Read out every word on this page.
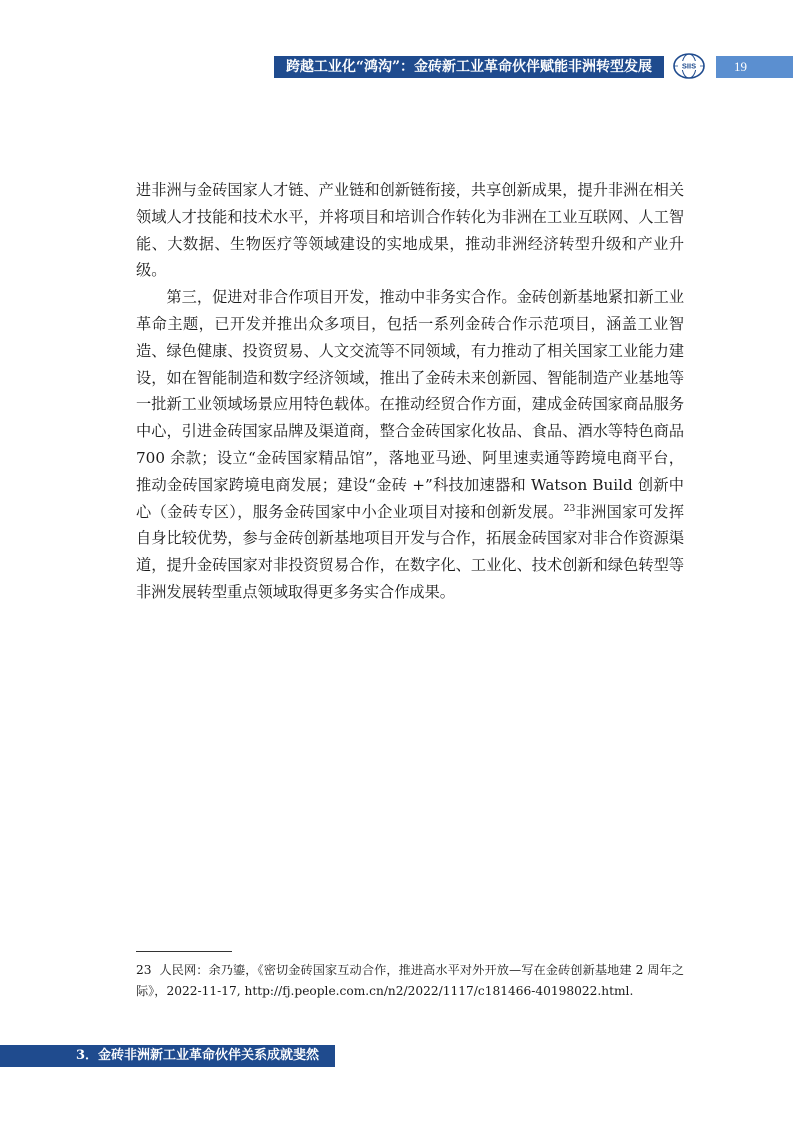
跨越工业化“鸿沟”：金砖新工业革命伙伴赋能非洲转型发展	SIIS	19

进非洲与金砖国家人才链、产业链和创新链衔接，共享创新成果，提升非洲在相关领域人才技能和技术水平，并将项目和培训合作转化为非洲在工业互联网、人工智能、大数据、生物医疗等领域建设的实地成果，推动非洲经济转型升级和产业升级。

第三，促进对非合作项目开发，推动中非务实合作。金砖创新基地紧扣新工业革命主题，已开发并推出众多项目，包括一系列金砖合作示范项目，涵盖工业智造、绿色健康、投资贸易、人文交流等不同领域，有力推动了相关国家工业能力建设，如在智能制造和数字经济领域，推出了金砖未来创新园、智能制造产业基地等一批新工业领域场景应用特色载体。在推动经贸合作方面，建成金砖国家商品服务中心，引进金砖国家品牌及渠道商，整合金砖国家化妆品、食品、酒水等特色商品 700 余款；设立“金砖国家精品馆”，落地亚马逊、阿里速卖通等跨境电商平台，推动金砖国家跨境电商发展；建设“金砖 +”科技加速器和 Watson Build 创新中心（金砖专区），服务金砖国家中小企业项目对接和创新发展。$^{23}$非洲国家可发挥自身比较优势，参与金砖创新基地项目开发与合作，拓展金砖国家对非合作资源渠道，提升金砖国家对非投资贸易合作，在数字化、工业化、技术创新和绿色转型等非洲发展转型重点领域取得更多务实合作成果。

23 人民网：余乃鎏，《密切金砖国家互动合作，推进高水平对外开放—写在金砖创新基地建 2 周年之际》，2022-11-17, http://fj.people.com.cn/n2/2022/1117/c181466-40198022.html.

3．金砖非洲新工业革命伙伴关系成就斐然
